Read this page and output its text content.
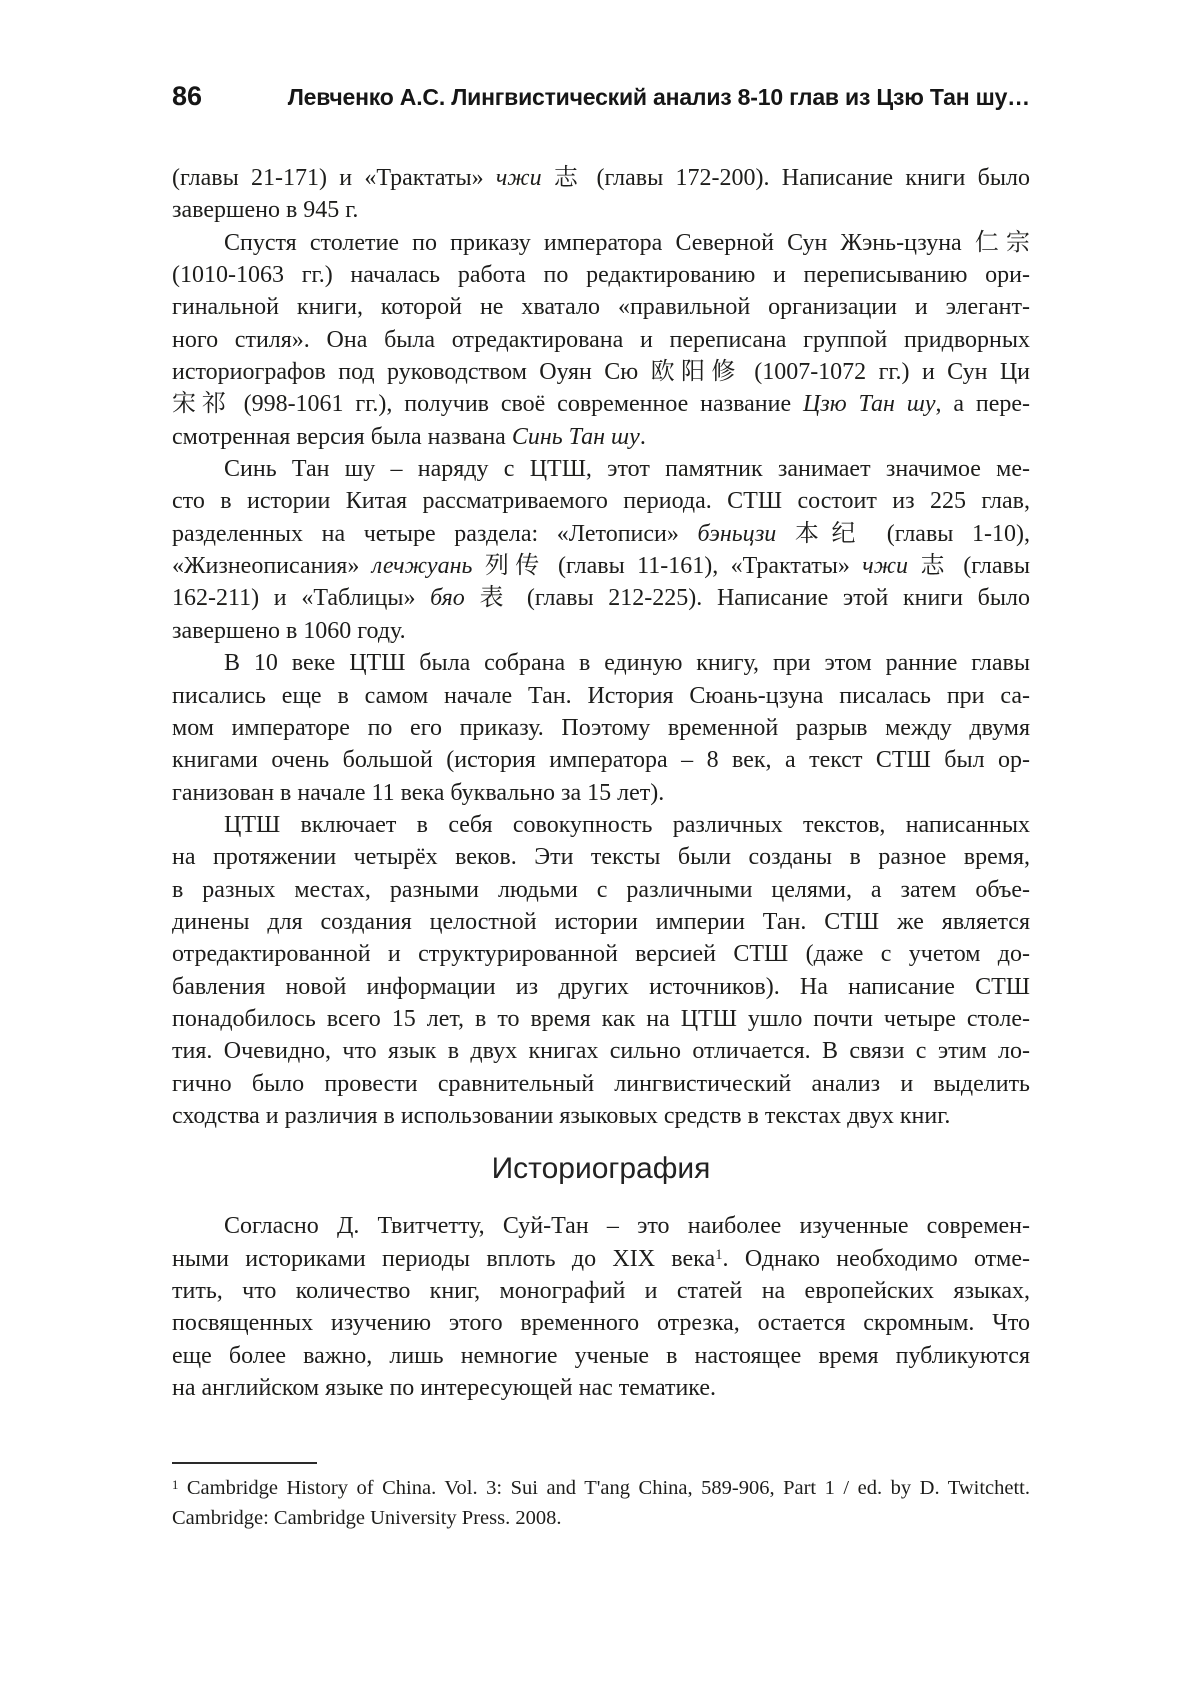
86	Левченко А.С. Лингвистический анализ 8-10 глав из Цзю Тан шу…
(главы 21-171) и «Трактаты» чжи 志 (главы 172-200). Написание книги было
завершено в 945 г.
Спустя столетие по приказу императора Северной Сун Жэнь-цзуна 仁宗
(1010-1063 гг.) началась работа по редактированию и переписыванию ори-
гинальной книги, которой не хватало «правильной организации и элегант-
ного стиля». Она была отредактирована и переписана группой придворных
историографов под руководством Оуян Сю 欧阳修 (1007-1072 гг.) и Сун Ци
宋祁 (998-1061 гг.), получив своё современное название Цзю Тан шу, а пере-
смотренная версия была названа Синь Тан шу.
Синь Тан шу – наряду с ЦТШ, этот памятник занимает значимое ме-
сто в истории Китая рассматриваемого периода. СТШ состоит из 225 глав,
разделенных на четыре раздела: «Летописи» бэньцзи 本纪 (главы 1-10),
«Жизнеописания» лечжуань 列传 (главы 11-161), «Трактаты» чжи 志 (главы
162-211) и «Таблицы» бяо 表 (главы 212-225). Написание этой книги было
завершено в 1060 году.
В 10 веке ЦТШ была собрана в единую книгу, при этом ранние главы
писались еще в самом начале Тан. История Сюань-цзуна писалась при са-
мом императоре по его приказу. Поэтому временной разрыв между двумя
книгами очень большой (история императора – 8 век, а текст СТШ был ор-
ганизован в начале 11 века буквально за 15 лет).
ЦТШ включает в себя совокупность различных текстов, написанных
на протяжении четырёх веков. Эти тексты были созданы в разное время,
в разных местах, разными людьми с различными целями, а затем объе-
динены для создания целостной истории империи Тан. СТШ же является
отредактированной и структурированной версией СТШ (даже с учетом до-
бавления новой информации из других источников). На написание СТШ
понадобилось всего 15 лет, в то время как на ЦТШ ушло почти четыре столе-
тия. Очевидно, что язык в двух книгах сильно отличается. В связи с этим ло-
гично было провести сравнительный лингвистический анализ и выделить
сходства и различия в использовании языковых средств в текстах двух книг.
Историография
Согласно Д. Твитчетту, Суй-Тан – это наиболее изученные современ-
ными историками периоды вплоть до XIX века$^1$. Однако необходимо отме-
тить, что количество книг, монографий и статей на европейских языках,
посвященных изучению этого временного отрезка, остается скромным. Что
еще более важно, лишь немногие ученые в настоящее время публикуются
на английском языке по интересующей нас тематике.
$^1$ Cambridge History of China. Vol. 3: Sui and T'ang China, 589-906, Part 1 / ed. by D. Twitchett.
Cambridge: Cambridge University Press. 2008.
